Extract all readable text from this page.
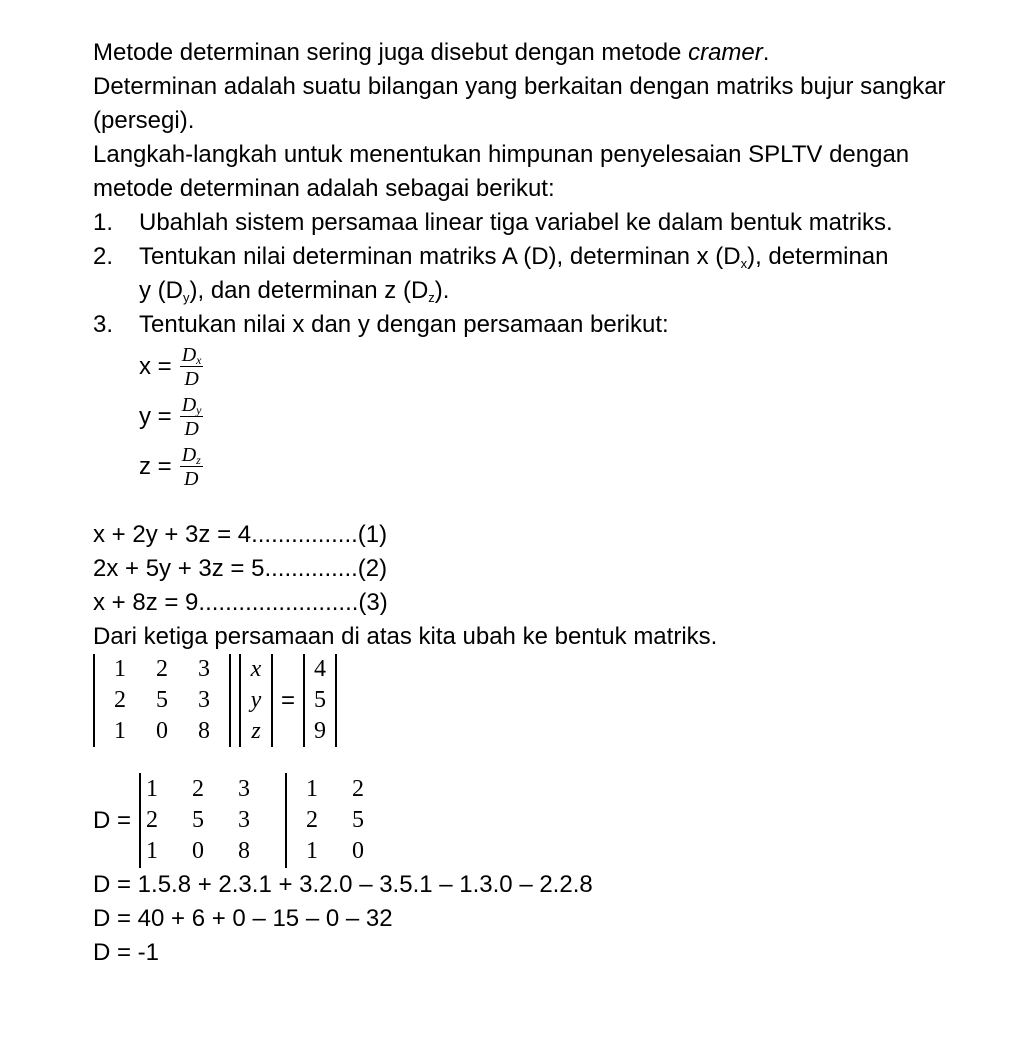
Metode determinan sering juga disebut dengan metode cramer.
Determinan adalah suatu bilangan yang berkaitan dengan matriks bujur sangkar (persegi).
Langkah-langkah untuk menentukan himpunan penyelesaian SPLTV dengan metode determinan adalah sebagai berikut:
1. Ubahlah sistem persamaa linear tiga variabel ke dalam bentuk matriks.
2. Tentukan nilai determinan matriks A (D), determinan x $(D_x)$, determinan
y $(D_y)$, dan determinan z $(D_z)$.
3. Tentukan nilai x dan y dengan persamaan berikut:
$x = \frac{D_x}{D}$
$y = \frac{D_y}{D}$
$z = \frac{D_z}{D}$
x + 2y + 3z = 4................(1)
2x + 5y + 3z = 5..............(2)
x + 8z = 9........................(3)
Dari ketiga persamaan di atas kita ubah ke bentuk matriks.
1	2	3
2	5	3
1	0	8
x
y
z
=
4
5
9
D =
1	2	3
2	5	3
1	0	8
1	2
2	5
1	0
D = 1.5.8 + 2.3.1 + 3.2.0 – 3.5.1 – 1.3.0 – 2.2.8
D = 40 + 6 + 0 – 15 – 0 – 32
D = -1
